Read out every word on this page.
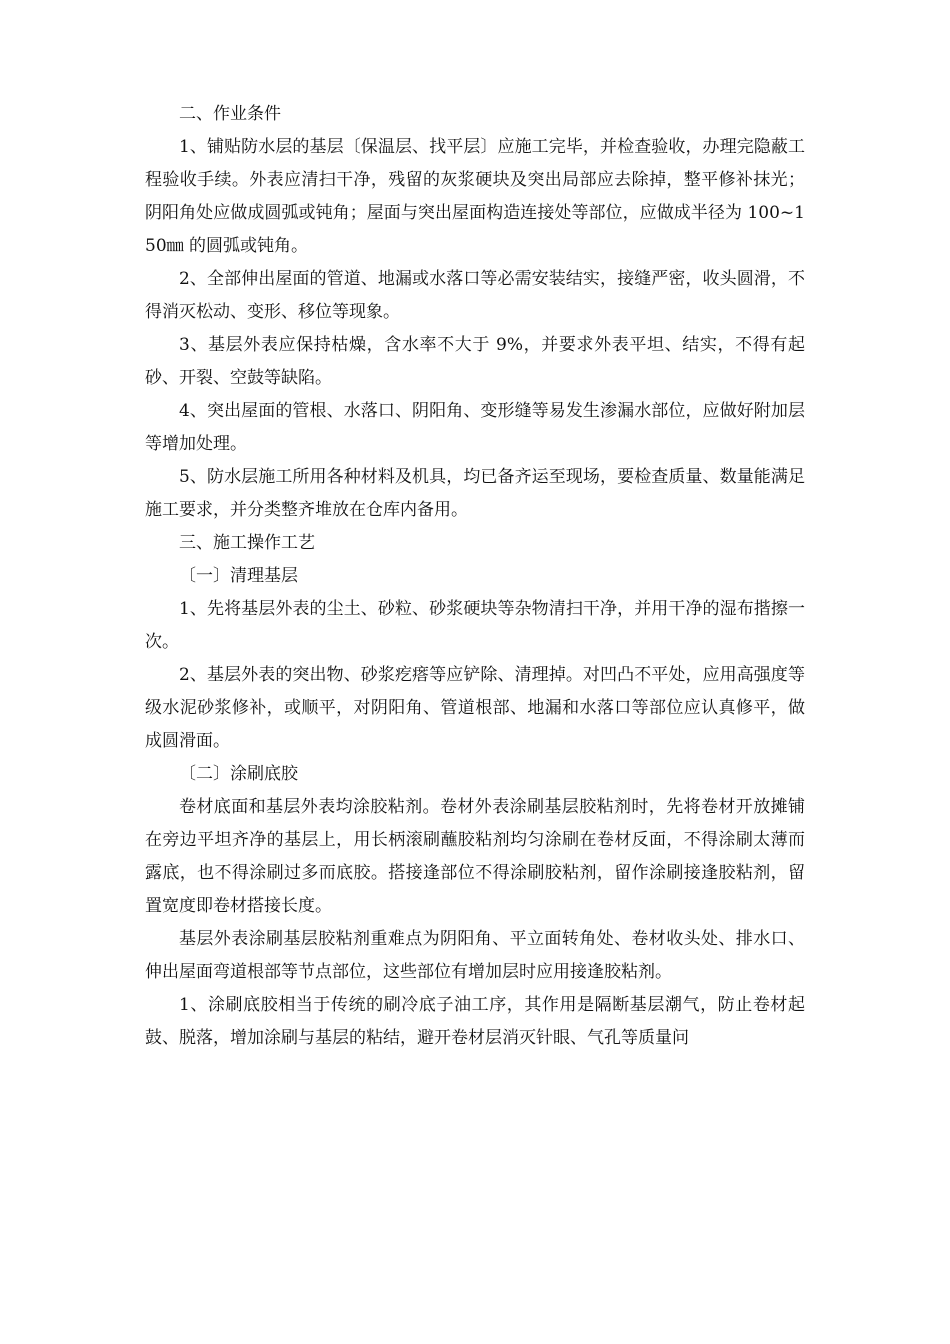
二、作业条件

1、铺贴防水层的基层〔保温层、找平层〕应施工完毕，并检查验收，办理完隐蔽工程验收手续。外表应清扫干净，残留的灰浆硬块及突出局部应去除掉，整平修补抹光；阴阳角处应做成圆弧或钝角；屋面与突出屋面构造连接处等部位，应做成半径为 100~150㎜ 的圆弧或钝角。

2、全部伸出屋面的管道、地漏或水落口等必需安装结实，接缝严密，收头圆滑，不得消灭松动、变形、移位等现象。

3、基层外表应保持枯燥，含水率不大于 9%，并要求外表平坦、结实，不得有起砂、开裂、空鼓等缺陷。

4、突出屋面的管根、水落口、阴阳角、变形缝等易发生渗漏水部位，应做好附加层等增加处理。

5、防水层施工所用各种材料及机具，均已备齐运至现场，要检查质量、数量能满足施工要求，并分类整齐堆放在仓库内备用。

三、施工操作工艺

〔一〕清理基层

1、先将基层外表的尘土、砂粒、砂浆硬块等杂物清扫干净，并用干净的湿布揩擦一次。

2、基层外表的突出物、砂浆疙瘩等应铲除、清理掉。对凹凸不平处，应用高强度等级水泥砂浆修补，或顺平，对阴阳角、管道根部、地漏和水落口等部位应认真修平，做成圆滑面。

〔二〕涂刷底胶

卷材底面和基层外表均涂胶粘剂。卷材外表涂刷基层胶粘剂时，先将卷材开放摊铺在旁边平坦齐净的基层上，用长柄滚刷蘸胶粘剂均匀涂刷在卷材反面，不得涂刷太薄而露底，也不得涂刷过多而底胶。搭接逢部位不得涂刷胶粘剂，留作涂刷接逢胶粘剂，留置宽度即卷材搭接长度。

基层外表涂刷基层胶粘剂重难点为阴阳角、平立面转角处、卷材收头处、排水口、伸出屋面弯道根部等节点部位，这些部位有增加层时应用接逢胶粘剂。

1、涂刷底胶相当于传统的刷冷底子油工序，其作用是隔断基层潮气，防止卷材起鼓、脱落，增加涂刷与基层的粘结，避开卷材层消灭针眼、气孔等质量问
